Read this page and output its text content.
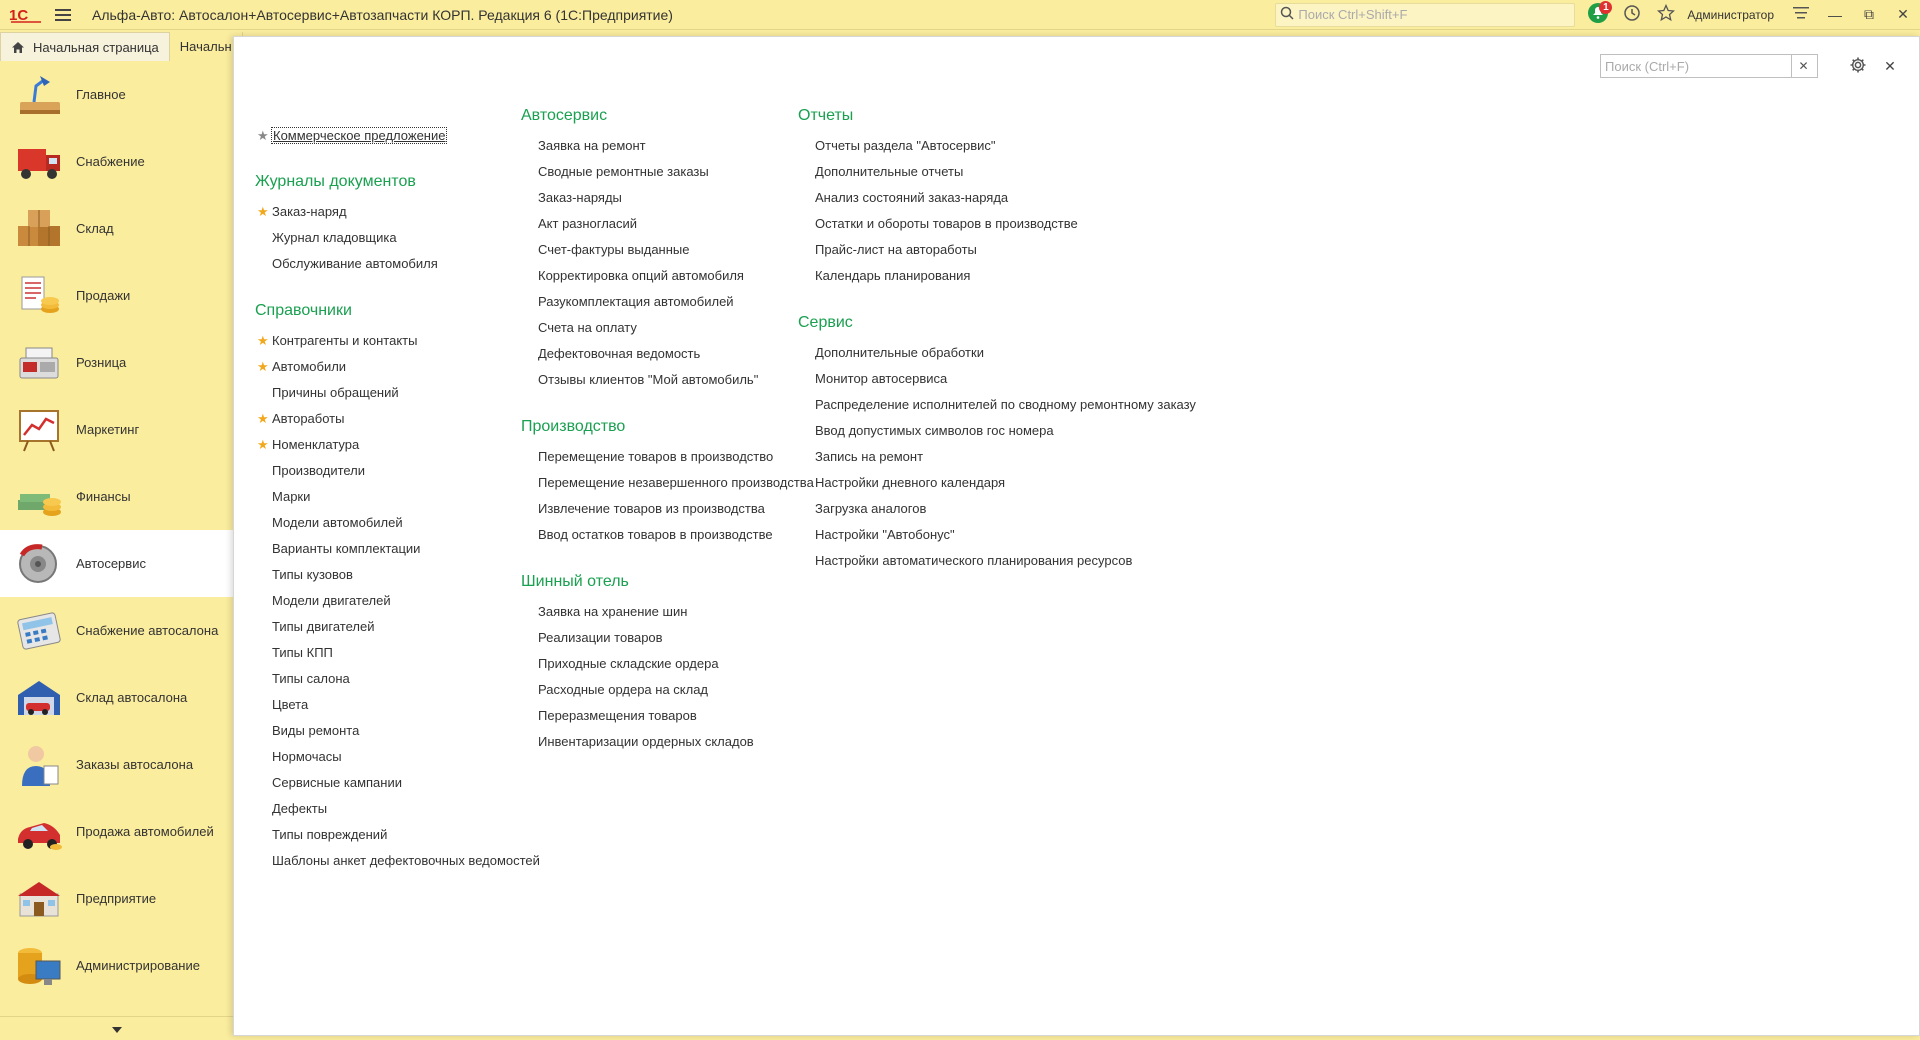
1С	Альфа-Авто: Автосалон+Автосервис+Автозапчасти КОРП. Редакция 6 (1С:Предприятие)
Поиск Ctrl+Shift+F	1
Администратор	— ⧉ ✕
Начальная страница Начальн
Главное
Снабжение
Склад
Продажи
Розница
Маркетинг
Финансы
Автосервис
Снабжение автосалона
Склад автосалона
Заказы автосалона
Продажа автомобилей
Предприятие
Администрирование
Поиск (Ctrl+F)
✕	✕
★ Коммерческое предложение
Журналы документов
★ Заказ-наряд
Журнал кладовщика
Обслуживание автомобиля
Справочники
★ Контрагенты и контакты
★ Автомобили
Причины обращений
★ Автоработы
★ Номенклатура
Производители
Марки
Модели автомобилей
Варианты комплектации
Типы кузовов
Модели двигателей
Типы двигателей
Типы КПП
Типы салона
Цвета
Виды ремонта
Нормочасы
Сервисные кампании
Дефекты
Типы повреждений
Шаблоны анкет дефектовочных ведомостей
Автосервис
Заявка на ремонт
Сводные ремонтные заказы
Заказ-наряды
Акт разногласий
Счет-фактуры выданные
Корректировка опций автомобиля
Разукомплектация автомобилей
Счета на оплату
Дефектовочная ведомость
Отзывы клиентов "Мой автомобиль"
Производство
Перемещение товаров в производство
Перемещение незавершенного производства
Извлечение товаров из производства
Ввод остатков товаров в производстве
Шинный отель
Заявка на хранение шин
Реализации товаров
Приходные складские ордера
Расходные ордера на склад
Переразмещения товаров
Инвентаризации ордерных складов
Отчеты
Отчеты раздела "Автосервис"
Дополнительные отчеты
Анализ состояний заказ-наряда
Остатки и обороты товаров в производстве
Прайс-лист на автоработы
Календарь планирования
Сервис
Дополнительные обработки
Монитор автосервиса
Распределение исполнителей по сводному ремонтному заказу
Ввод допустимых символов гос номера
Запись на ремонт
Настройки дневного календаря
Загрузка аналогов
Настройки "Автобонус"
Настройки автоматического планирования ресурсов
